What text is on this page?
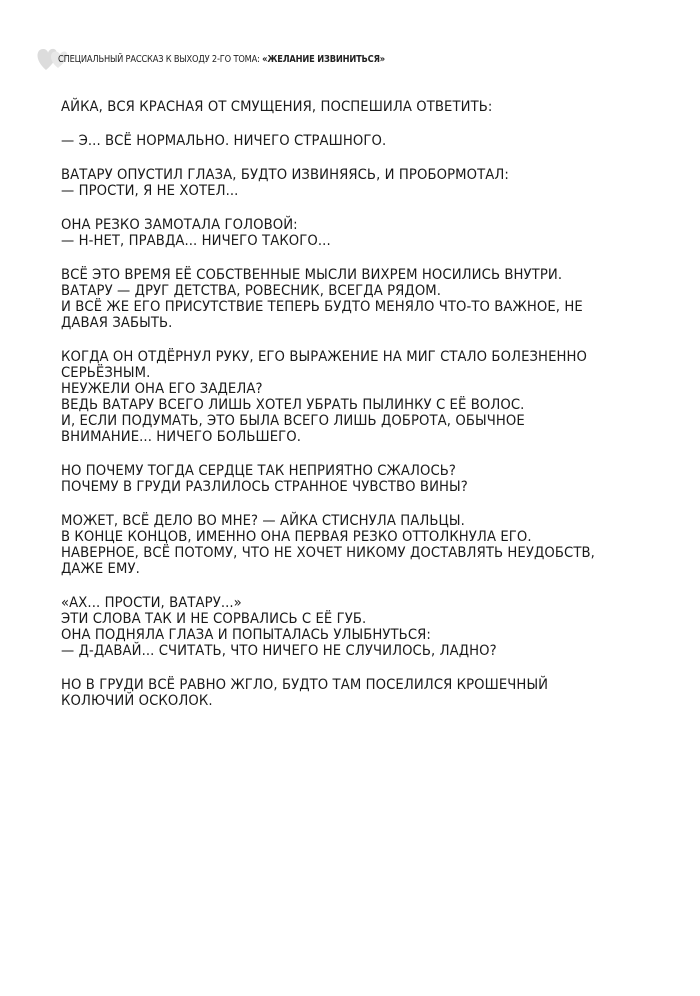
СПЕЦИАЛЬНЫЙ РАССКАЗ К ВЫХОДУ 2-ГО ТОМА: «ЖЕЛАНИЕ ИЗВИНИТЬСЯ»
АЙКА, ВСЯ КРАСНАЯ ОТ СМУЩЕНИЯ, ПОСПЕШИЛА ОТВЕТИТЬ:
— Э... ВСЁ НОРМАЛЬНО. НИЧЕГО СТРАШНОГО.
ВАТАРУ ОПУСТИЛ ГЛАЗА, БУДТО ИЗВИНЯЯСЬ, И ПРОБОРМОТАЛ:
— ПРОСТИ, Я НЕ ХОТЕЛ...
ОНА РЕЗКО ЗАМОТАЛА ГОЛОВОЙ:
— Н-НЕТ, ПРАВДА... НИЧЕГО ТАКОГО...
ВСЁ ЭТО ВРЕМЯ ЕЁ СОБСТВЕННЫЕ МЫСЛИ ВИХРЕМ НОСИЛИСЬ ВНУТРИ.
ВАТАРУ — ДРУГ ДЕТСТВА, РОВЕСНИК, ВСЕГДА РЯДОМ.
И ВСЁ ЖЕ ЕГО ПРИСУТСТВИЕ ТЕПЕРЬ БУДТО МЕНЯЛО ЧТО-ТО ВАЖНОЕ, НЕ
ДАВАЯ ЗАБЫТЬ.
КОГДА ОН ОТДЁРНУЛ РУКУ, ЕГО ВЫРАЖЕНИЕ НА МИГ СТАЛО БОЛЕЗНЕННО
СЕРЬЁЗНЫМ.
НЕУЖЕЛИ ОНА ЕГО ЗАДЕЛА?
ВЕДЬ ВАТАРУ ВСЕГО ЛИШЬ ХОТЕЛ УБРАТЬ ПЫЛИНКУ С ЕЁ ВОЛОС.
И, ЕСЛИ ПОДУМАТЬ, ЭТО БЫЛА ВСЕГО ЛИШЬ ДОБРОТА, ОБЫЧНОЕ
ВНИМАНИЕ... НИЧЕГО БОЛЬШЕГО.
НО ПОЧЕМУ ТОГДА СЕРДЦЕ ТАК НЕПРИЯТНО СЖАЛОСЬ?
ПОЧЕМУ В ГРУДИ РАЗЛИЛОСЬ СТРАННОЕ ЧУВСТВО ВИНЫ?
МОЖЕТ, ВСЁ ДЕЛО ВО МНЕ? — АЙКА СТИСНУЛА ПАЛЬЦЫ.
В КОНЦЕ КОНЦОВ, ИМЕННО ОНА ПЕРВАЯ РЕЗКО ОТТОЛКНУЛА ЕГО.
НАВЕРНОЕ, ВСЁ ПОТОМУ, ЧТО НЕ ХОЧЕТ НИКОМУ ДОСТАВЛЯТЬ НЕУДОБСТВ,
ДАЖЕ ЕМУ.
«АХ... ПРОСТИ, ВАТАРУ...»
ЭТИ СЛОВА ТАК И НЕ СОРВАЛИСЬ С ЕЁ ГУБ.
ОНА ПОДНЯЛА ГЛАЗА И ПОПЫТАЛАСЬ УЛЫБНУТЬСЯ:
— Д-ДАВАЙ... СЧИТАТЬ, ЧТО НИЧЕГО НЕ СЛУЧИЛОСЬ, ЛАДНО?
НО В ГРУДИ ВСЁ РАВНО ЖГЛО, БУДТО ТАМ ПОСЕЛИЛСЯ КРОШЕЧНЫЙ
КОЛЮЧИЙ ОСКОЛОК.
